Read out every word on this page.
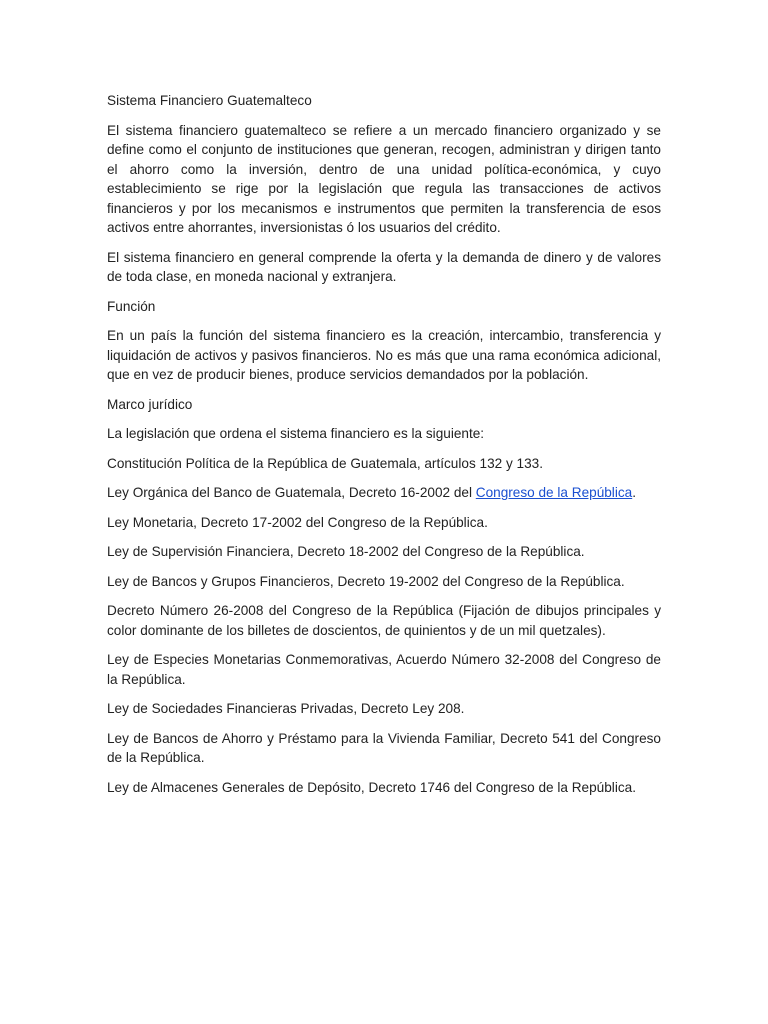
Sistema Financiero Guatemalteco

El sistema financiero guatemalteco se refiere a un mercado financiero organizado y se define como el conjunto de instituciones que generan, recogen, administran y dirigen tanto el ahorro como la inversión, dentro de una unidad política-económica, y cuyo establecimiento se rige por la legislación que regula las transacciones de activos financieros y por los mecanismos e instrumentos que permiten la transferencia de esos activos entre ahorrantes, inversionistas ó los usuarios del crédito.

El sistema financiero en general comprende la oferta y la demanda de dinero y de valores de toda clase, en moneda nacional y extranjera.

Función

En un país la función del sistema financiero es la creación, intercambio, transferencia y liquidación de activos y pasivos financieros. No es más que una rama económica adicional, que en vez de producir bienes, produce servicios demandados por la población.

Marco jurídico

La legislación que ordena el sistema financiero es la siguiente:

Constitución Política de la República de Guatemala, artículos 132 y 133.

Ley Orgánica del Banco de Guatemala, Decreto 16-2002 del Congreso de la República.

Ley Monetaria, Decreto 17-2002 del Congreso de la República.

Ley de Supervisión Financiera, Decreto 18-2002 del Congreso de la República.

Ley de Bancos y Grupos Financieros, Decreto 19-2002 del Congreso de la República.

Decreto Número 26-2008 del Congreso de la República (Fijación de dibujos principales y color dominante de los billetes de doscientos, de quinientos y de un mil quetzales).

Ley de Especies Monetarias Conmemorativas, Acuerdo Número 32-2008 del Congreso de la República.

Ley de Sociedades Financieras Privadas, Decreto Ley 208.

Ley de Bancos de Ahorro y Préstamo para la Vivienda Familiar, Decreto 541 del Congreso de la República.

Ley de Almacenes Generales de Depósito, Decreto 1746 del Congreso de la República.
